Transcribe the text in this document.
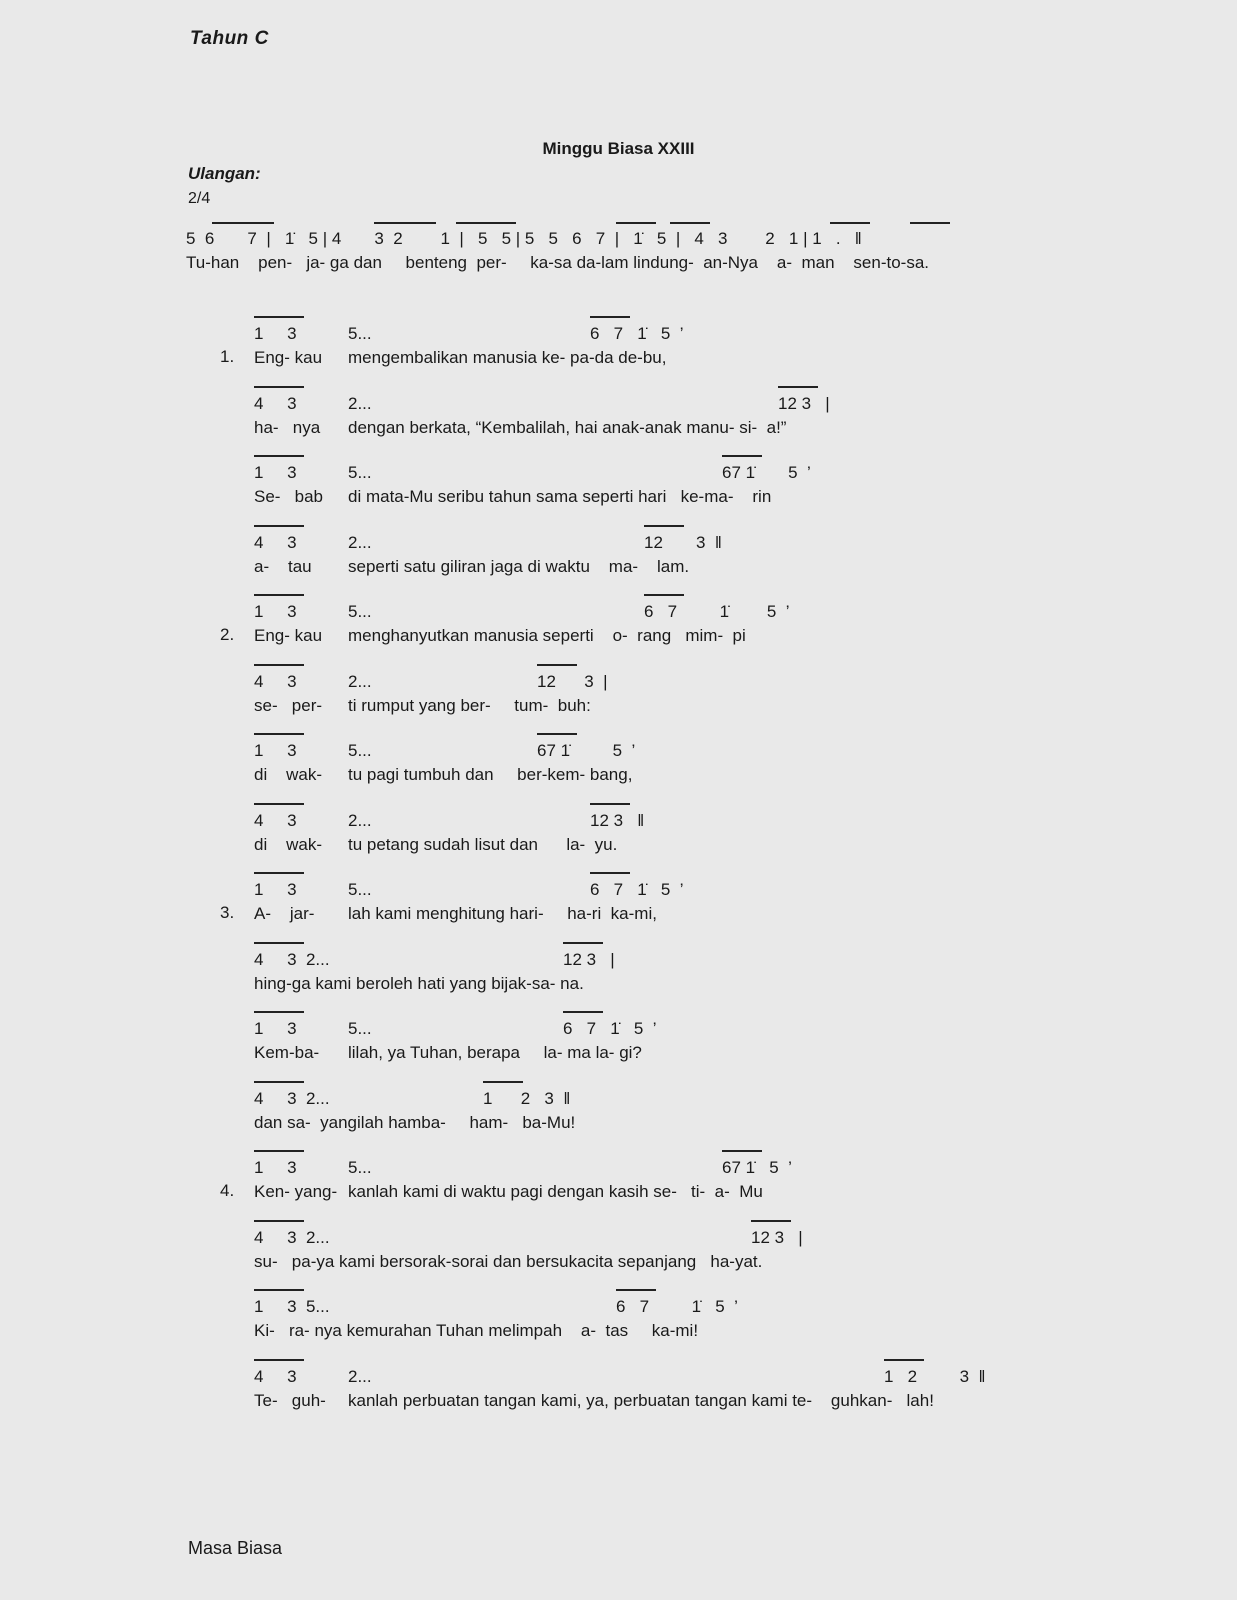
Tahun C
Minggu Biasa XXIII
Ulangan:
2/4
5  6       7  |   1̇   5 | 4       3  2        1  |   5   5 | 5   5   6   7  |   1̇   5  |   4   3        2   1 | 1   .   ‖
Tu-han    pen-   ja- ga dan     benteng  per-     ka-sa da-lam lindung-  an-Nya    a-  man    sen-to-sa.
1.
1     3
Eng- kau
5...
mengembalikan manusia ke- pa-da de-bu,
6   7   1̇   5  ’
4     3
ha-   nya
2...
dengan berkata, “Kembalilah, hai anak-anak manu- si-  a!”
12 3   |
1     3
Se-   bab
5...
di mata-Mu seribu tahun sama seperti hari   ke-ma-    rin
67 1̇       5  ’
4     3
a-    tau
2...
seperti satu giliran jaga di waktu    ma-    lam.
12       3  ‖
2.
1     3
Eng- kau
5...
menghanyutkan manusia seperti    o-  rang   mim-  pi
6   7         1̇        5  ’
4     3
se-   per-
2...
ti rumput yang ber-     tum-  buh:
12      3  |
1     3
di    wak-
5...
tu pagi tumbuh dan     ber-kem- bang,
67 1̇         5  ’
4     3
di    wak-
2...
tu petang sudah lisut dan      la-  yu.
12 3   ‖
3.
1     3
A-    jar-
5...
lah kami menghitung hari-     ha-ri  ka-mi,
6   7   1̇   5  ’
4     3  2...
hing-ga kami beroleh hati yang bijak-sa- na.
12 3   |
1     3
Kem-ba-
5...
lilah, ya Tuhan, berapa     la- ma la- gi?
6   7   1̇   5  ’
4     3  2...
dan sa-  yangilah hamba-     ham-   ba-Mu!
1      2   3  ‖
4.
1     3
Ken- yang-
5...
kanlah kami di waktu pagi dengan kasih se-   ti-  a-  Mu
67 1̇   5  ’
4     3  2...
su-   pa-ya kami bersorak-sorai dan bersukacita sepanjang   ha-yat.
12 3   |
1     3  5...
Ki-   ra- nya kemurahan Tuhan melimpah    a-  tas     ka-mi!
6   7         1̇   5  ’
4     3
Te-   guh-
2...
kanlah perbuatan tangan kami, ya, perbuatan tangan kami te-    guhkan-   lah!
1   2         3  ‖
Masa Biasa
